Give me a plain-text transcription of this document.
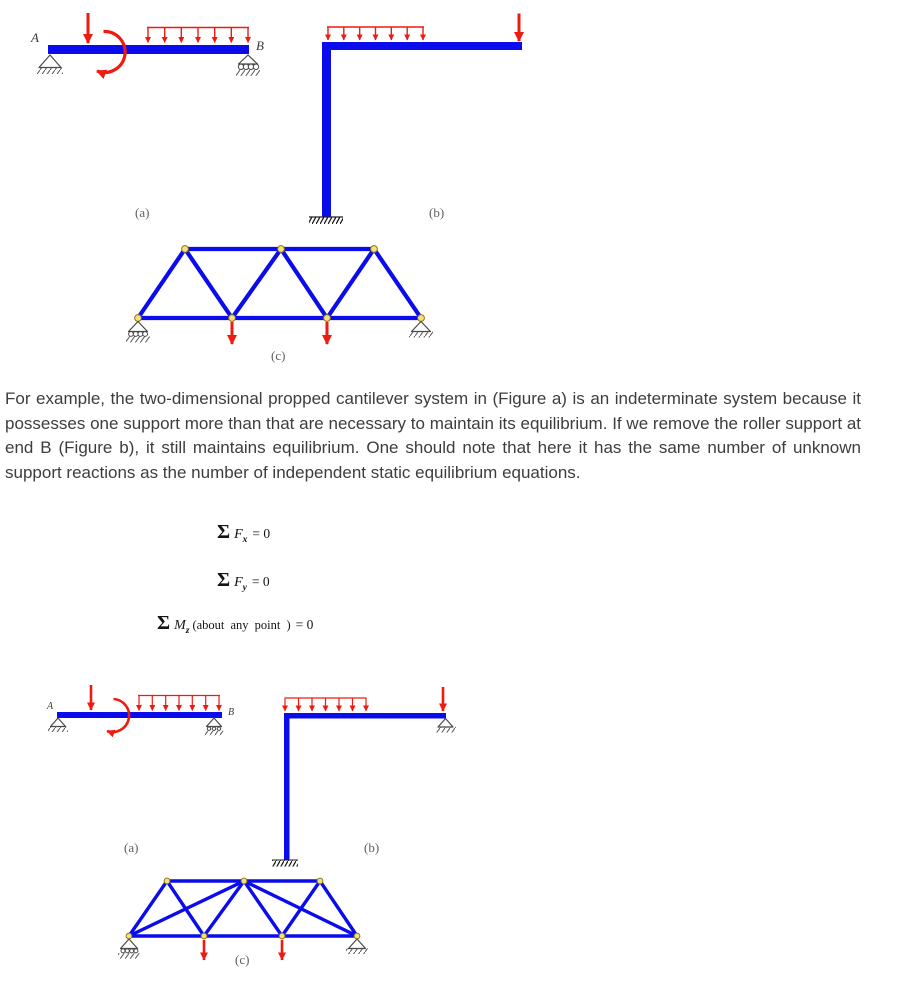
A
B
(a)	(b)
(c)
For example, the two-dimensional propped cantilever system in (Figure a) is an indeterminate system because it possesses one support more than that are necessary to maintain its equilibrium. If we remove the roller support at end B (Figure b), it still maintains equilibrium. One should note that here it has the same number of unknown support reactions as the number of independent static equilibrium equations.
Σ $F_x = 0$
Σ $F_y = 0$
Σ $M_z$ (about any point ) = 0
A
B
(a)	(b)
(c)
